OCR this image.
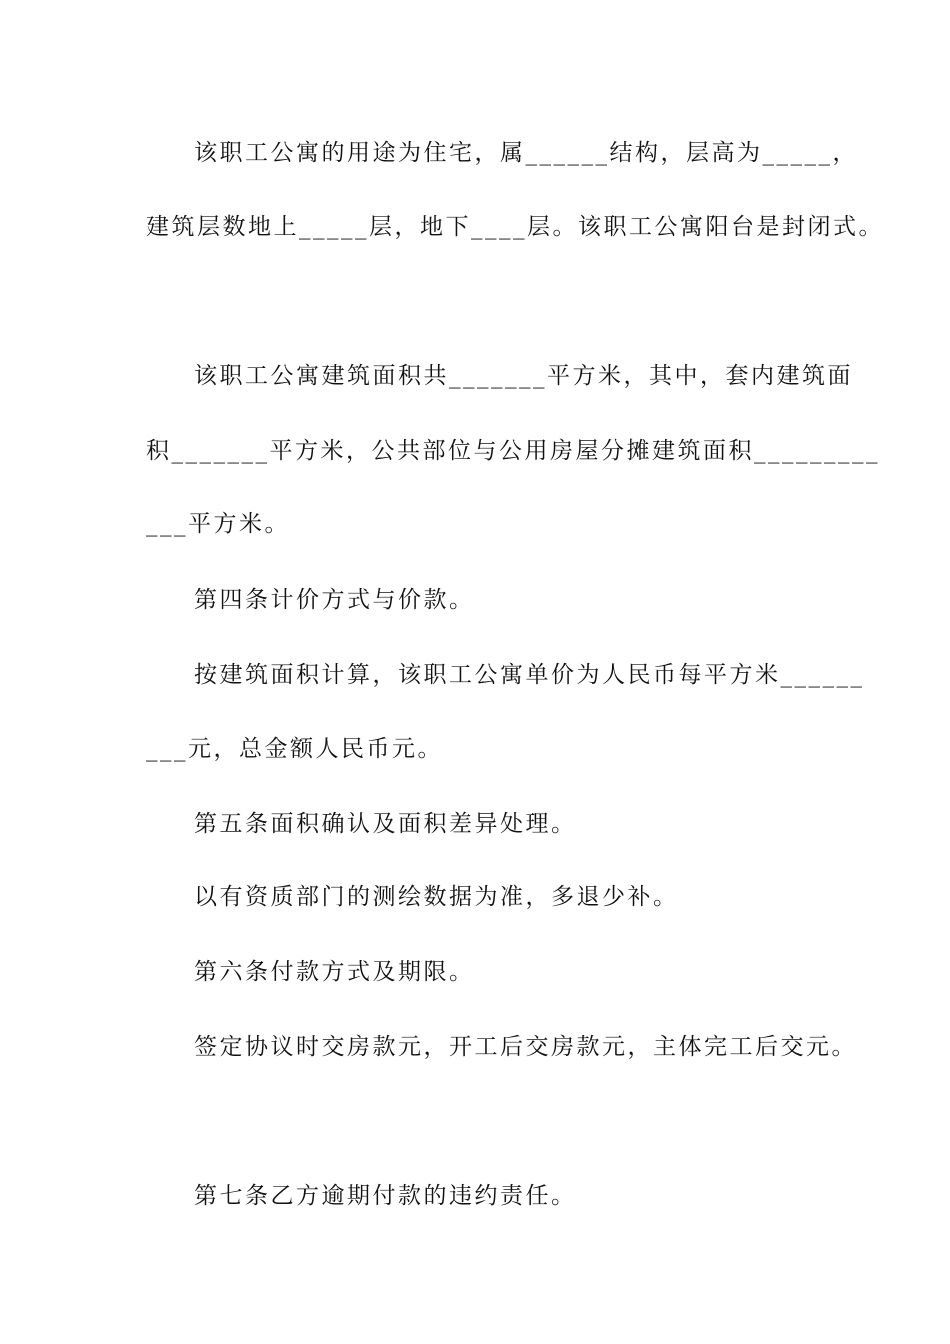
该职工公寓的用途为住宅，属______结构，层高为_____，
建筑层数地上_____层，地下____层。该职工公寓阳台是封闭式。
该职工公寓建筑面积共_______平方米，其中，套内建筑面
积_______平方米，公共部位与公用房屋分摊建筑面积_________
___平方米。
第四条计价方式与价款。
按建筑面积计算，该职工公寓单价为人民币每平方米______
___元，总金额人民币元。
第五条面积确认及面积差异处理。
以有资质部门的测绘数据为准，多退少补。
第六条付款方式及期限。
签定协议时交房款元，开工后交房款元，主体完工后交元。
第七条乙方逾期付款的违约责任。
